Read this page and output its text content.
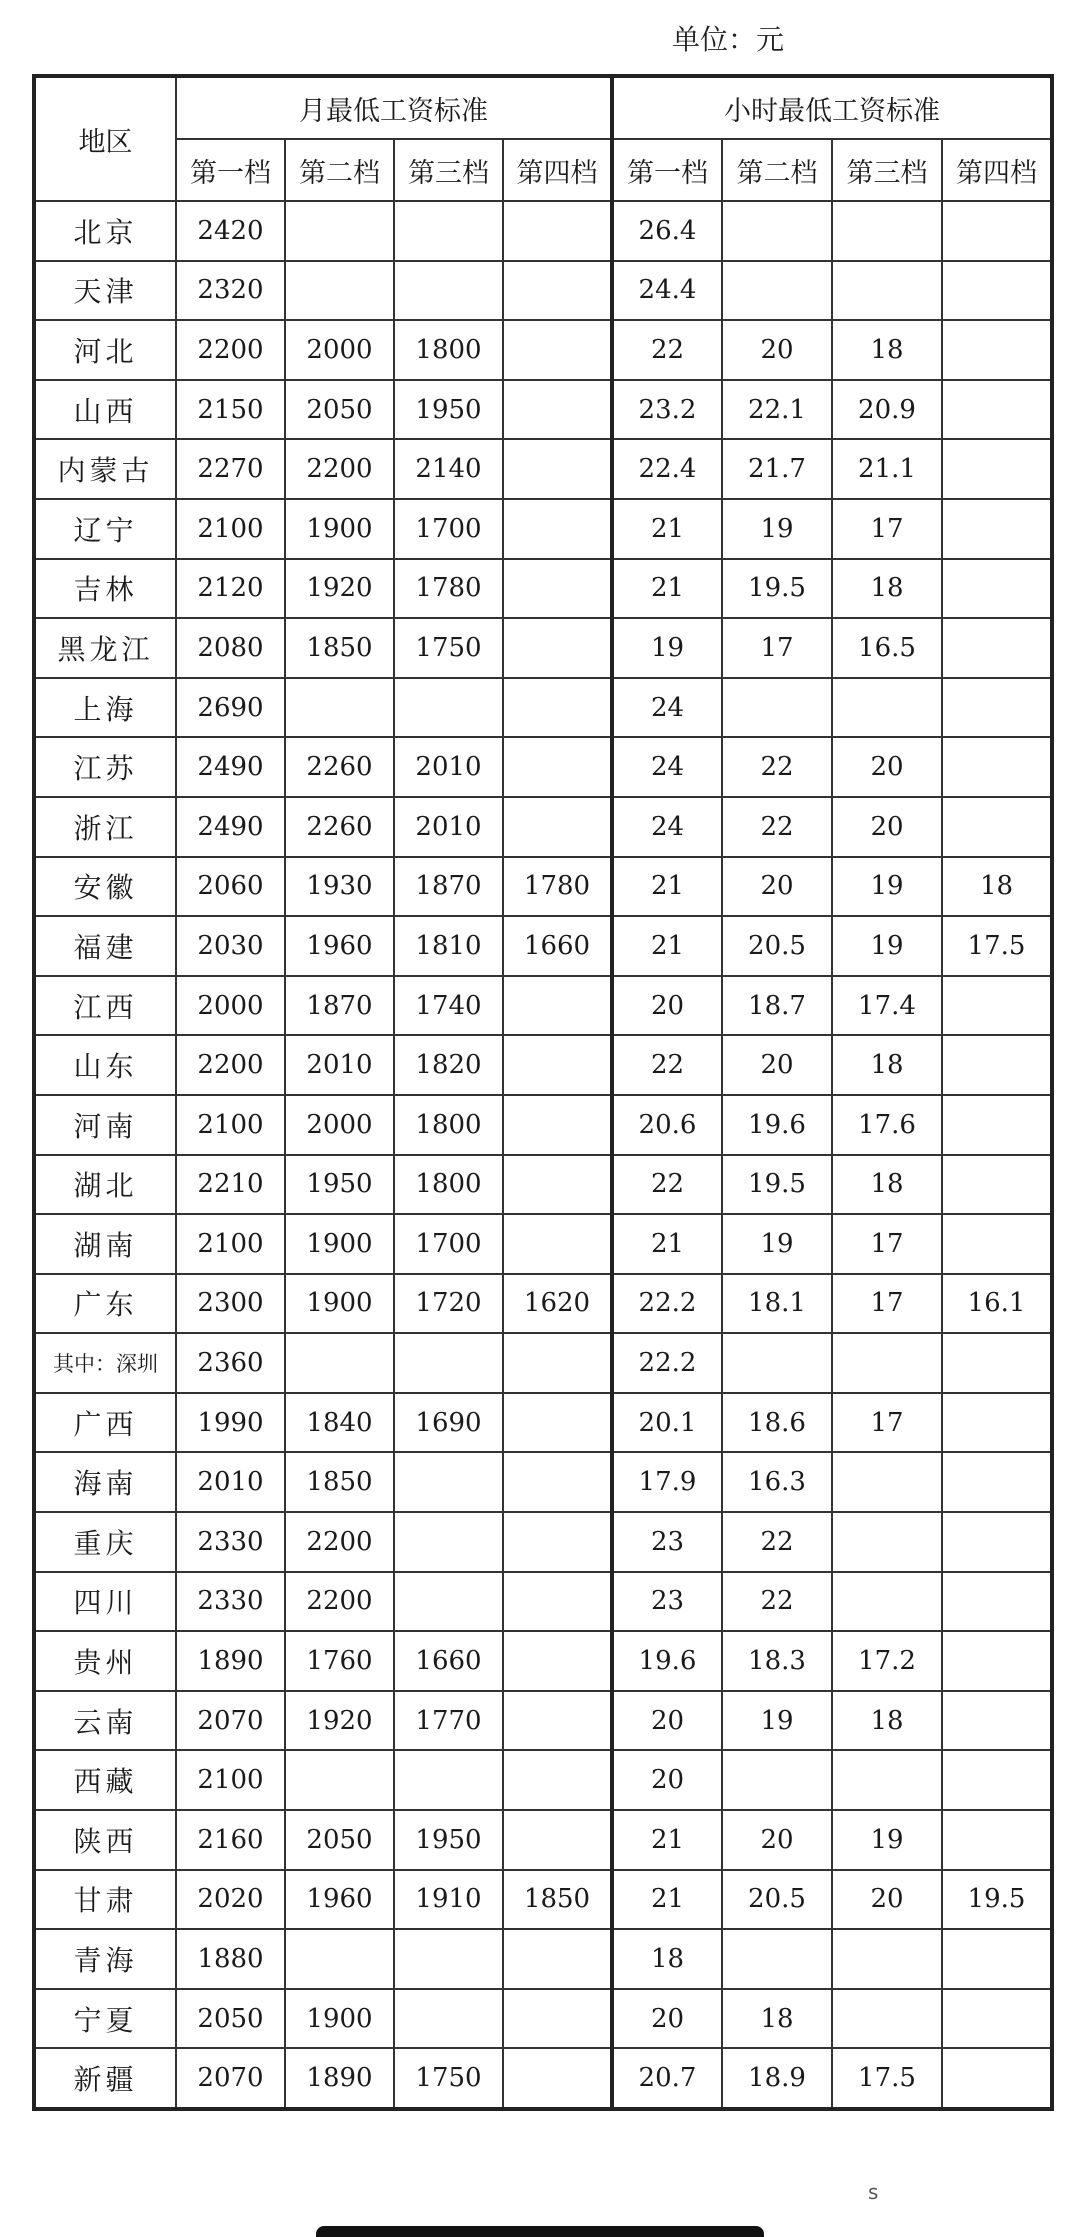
单位：元
地区	月最低工资标准				小时最低工资标准			
	第一档	第二档	第三档	第四档	第一档	第二档	第三档	第四档
北京	2420				26.4			
天津	2320				24.4			
河北	2200	2000	1800		22	20	18	
山西	2150	2050	1950		23.2	22.1	20.9	
内蒙古	2270	2200	2140		22.4	21.7	21.1	
辽宁	2100	1900	1700		21	19	17	
吉林	2120	1920	1780		21	19.5	18	
黑龙江	2080	1850	1750		19	17	16.5	
上海	2690				24			
江苏	2490	2260	2010		24	22	20	
浙江	2490	2260	2010		24	22	20	
安徽	2060	1930	1870	1780	21	20	19	18
福建	2030	1960	1810	1660	21	20.5	19	17.5
江西	2000	1870	1740		20	18.7	17.4	
山东	2200	2010	1820		22	20	18	
河南	2100	2000	1800		20.6	19.6	17.6	
湖北	2210	1950	1800		22	19.5	18	
湖南	2100	1900	1700		21	19	17	
广东	2300	1900	1720	1620	22.2	18.1	17	16.1
其中：深圳	2360				22.2			
广西	1990	1840	1690		20.1	18.6	17	
海南	2010	1850			17.9	16.3		
重庆	2330	2200			23	22		
四川	2330	2200			23	22		
贵州	1890	1760	1660		19.6	18.3	17.2	
云南	2070	1920	1770		20	19	18	
西藏	2100				20			
陕西	2160	2050	1950		21	20	19	
甘肃	2020	1960	1910	1850	21	20.5	20	19.5
青海	1880				18			
宁夏	2050	1900			20	18		
新疆	2070	1890	1750		20.7	18.9	17.5	
s
